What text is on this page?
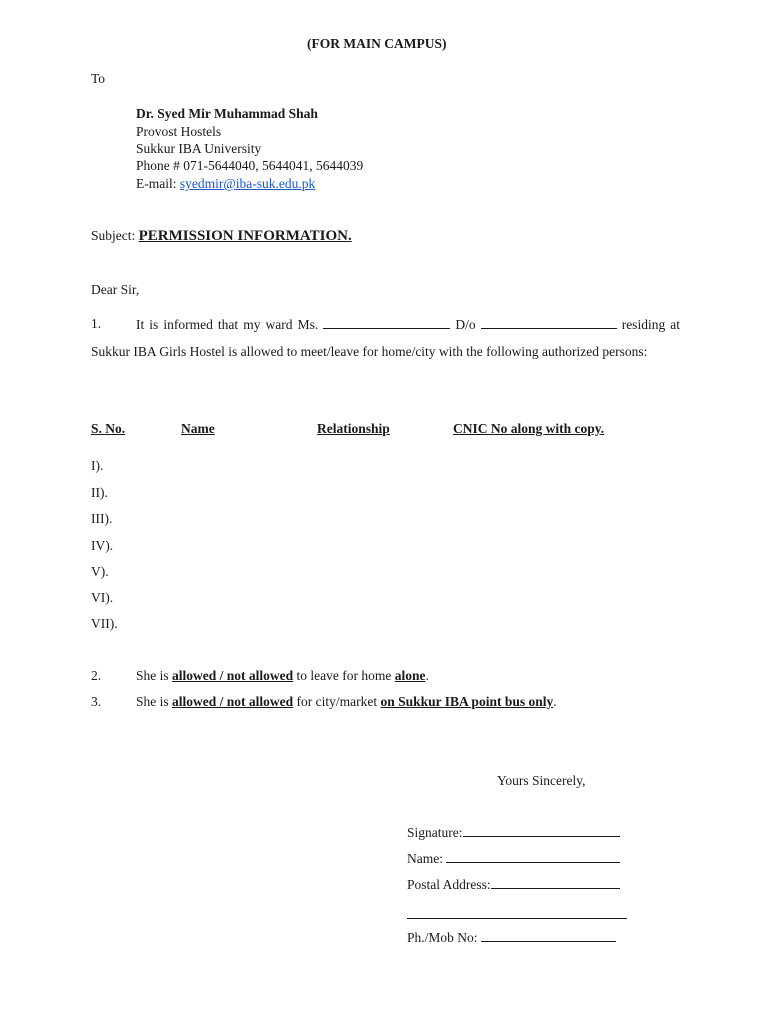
(FOR MAIN CAMPUS)
To
Dr. Syed Mir Muhammad Shah
Provost Hostels
Sukkur IBA University
Phone # 071-5644040, 5644041, 5644039
E-mail: syedmir@iba-suk.edu.pk
Subject: PERMISSION INFORMATION.
Dear Sir,
1.	It is informed that my ward Ms.	D/o	residing at Sukkur IBA Girls Hostel is allowed to meet/leave for home/city with the following authorized persons:
S. No.	Name	Relationship	CNIC No along with copy.
I).
II).
III).
IV).
V).
VI).
VII).
2.	She is allowed / not allowed to leave for home alone.
3.	She is allowed / not allowed for city/market on Sukkur IBA point bus only.
Yours Sincerely,
Signature:
Name:
Postal Address:
Ph./Mob No:
